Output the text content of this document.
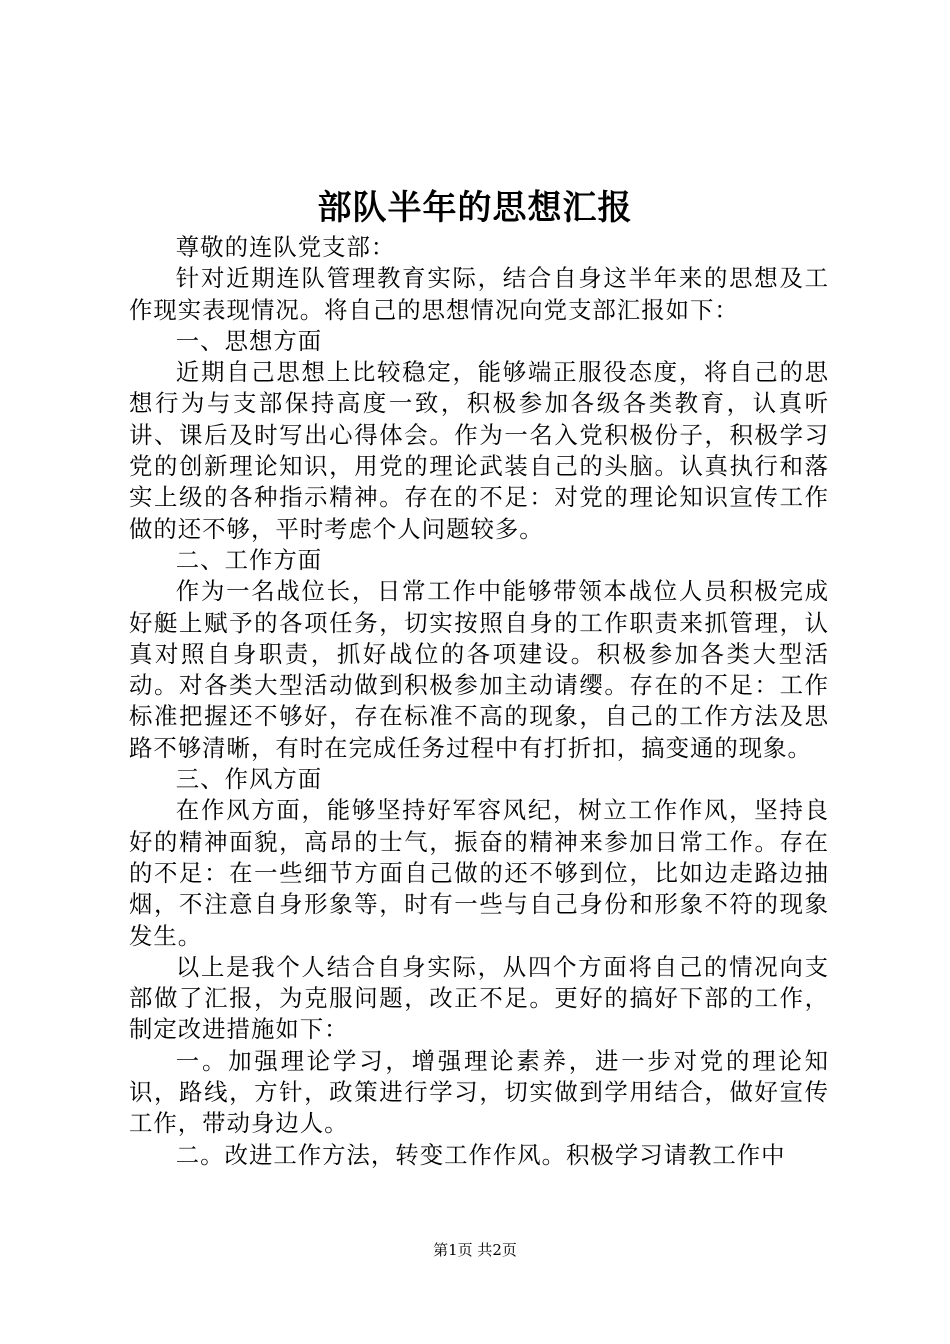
部队半年的思想汇报

尊敬的连队党支部：

针对近期连队管理教育实际，结合自身这半年来的思想及工作现实表现情况。将自己的思想情况向党支部汇报如下：

一、思想方面

近期自己思想上比较稳定，能够端正服役态度，将自己的思想行为与支部保持高度一致，积极参加各级各类教育，认真听讲、课后及时写出心得体会。作为一名入党积极份子，积极学习党的创新理论知识，用党的理论武装自己的头脑。认真执行和落实上级的各种指示精神。存在的不足：对党的理论知识宣传工作做的还不够，平时考虑个人问题较多。

二、工作方面

作为一名战位长，日常工作中能够带领本战位人员积极完成好艇上赋予的各项任务，切实按照自身的工作职责来抓管理，认真对照自身职责，抓好战位的各项建设。积极参加各类大型活动。对各类大型活动做到积极参加主动请缨。存在的不足：工作标准把握还不够好，存在标准不高的现象，自己的工作方法及思路不够清晰，有时在完成任务过程中有打折扣，搞变通的现象。

三、作风方面

在作风方面，能够坚持好军容风纪，树立工作作风，坚持良好的精神面貌，高昂的士气，振奋的精神来参加日常工作。存在的不足：在一些细节方面自己做的还不够到位，比如边走路边抽烟，不注意自身形象等，时有一些与自己身份和形象不符的现象发生。

以上是我个人结合自身实际，从四个方面将自己的情况向支部做了汇报，为克服问题，改正不足。更好的搞好下部的工作，制定改进措施如下：

一。加强理论学习，增强理论素养，进一步对党的理论知识，路线，方针，政策进行学习，切实做到学用结合，做好宣传工作，带动身边人。

二。改进工作方法，转变工作作风。积极学习请教工作中

第1页 共2页
